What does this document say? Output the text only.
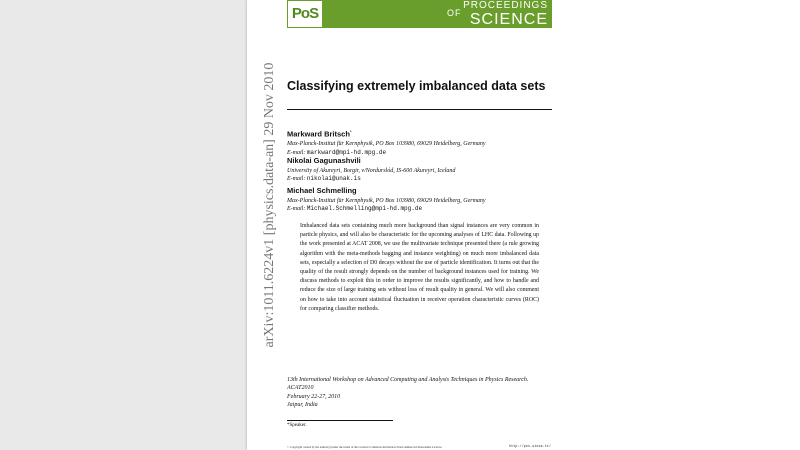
PoS	PROCEEDINGS
OF SCIENCE
arXiv:1011.6224v1 [physics.data-an] 29 Nov 2010 Classifying extremely imbalanced data sets
Markward Britsch*
Max-Planck-Institut für Kernphysik, PO Box 103980, 69029 Heidelberg, Germany
E-mail: markward@mpi-hd.mpg.de
Nikolai Gagunashvili
University of Akureyri, Borgir, v/Nordurslód, IS-600 Akureyri, Iceland
E-mail: nikolai@unak.is
Michael Schmelling
Max-Planck-Institut für Kernphysik, PO Box 103980, 69029 Heidelberg, Germany
E-mail: Michael.Schmelling@mpi-hd.mpg.de
Imbalanced data sets containing much more background than signal instances are very common in particle physics, and will also be characteristic for the upcoming analyses of LHC data. Following up the work presented at ACAT 2008, we use the multivariate technique presented there (a rule growing algorithm with the meta-methods bagging and instance weighting) on much more imbalanced data sets, especially a selection of D0 decays without the use of particle identification. It turns out that the quality of the result strongly depends on the number of background instances used for training. We discuss methods to exploit this in order to improve the results significantly, and how to handle and reduce the size of large training sets without loss of result quality in general. We will also comment on how to take into account statistical fluctuation in receiver operation characteristic curves (ROC) for comparing classifier methods.
13th International Workshop on Advanced Computing and Analysis Techniques in Physics Research.
ACAT2010
February 22-27, 2010
Jaipur, India
*Speaker.
© Copyright owned by the author(s) under the terms of the Creative Commons Attribution-NonCommercial-ShareAlike Licence.	http://pos.sissa.it/
